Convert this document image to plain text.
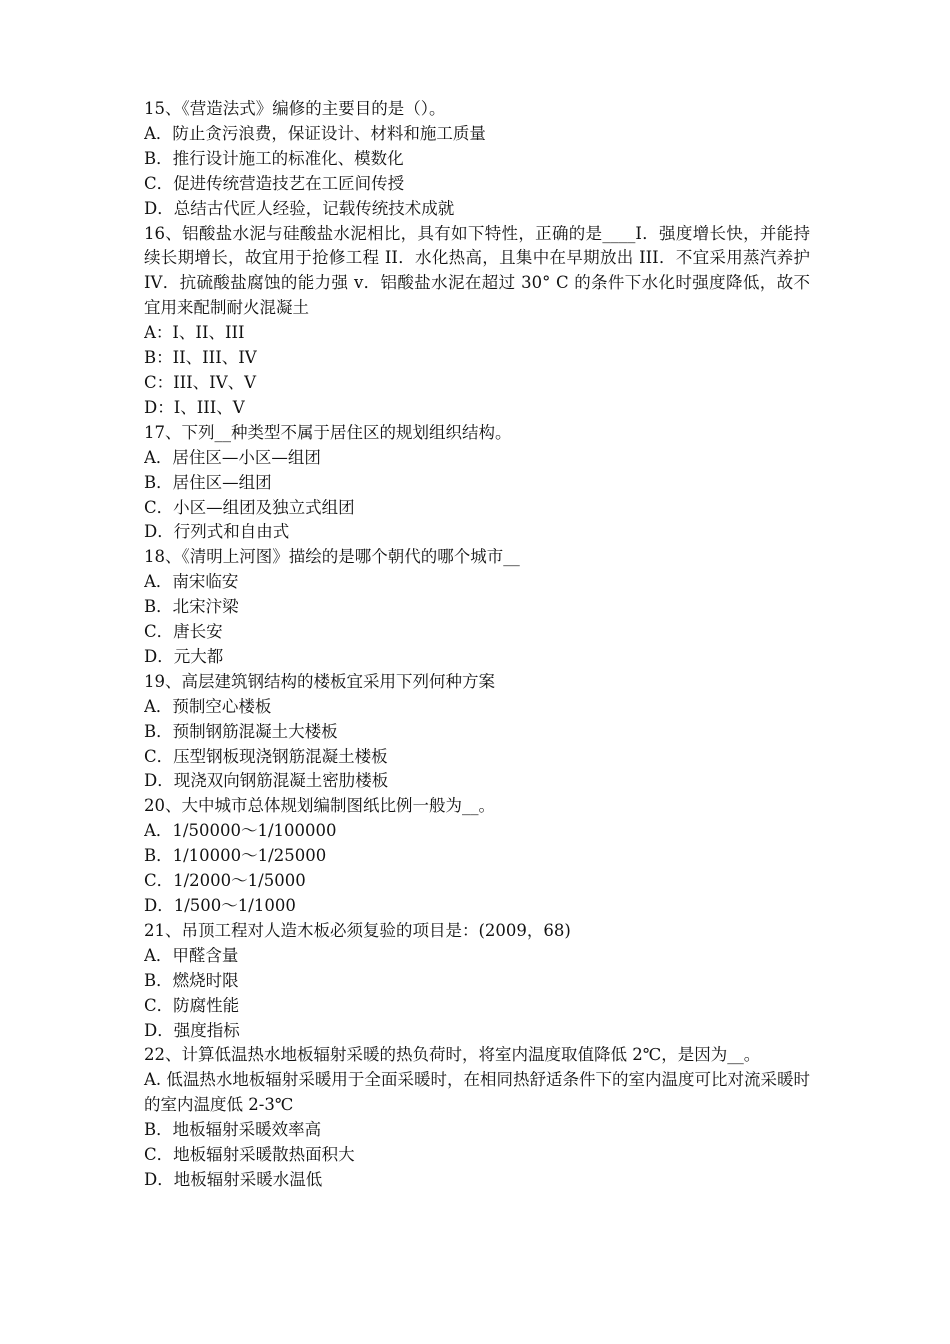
15、《营造法式》编修的主要目的是（）。
A．防止贪污浪费，保证设计、材料和施工质量
B．推行设计施工的标准化、模数化
C．促进传统营造技艺在工匠间传授
D．总结古代匠人经验，记载传统技术成就
16、铝酸盐水泥与硅酸盐水泥相比，具有如下特性，正确的是____I．强度增长快，并能持续长期增长，故宜用于抢修工程 II．水化热高，且集中在早期放出 III．不宜采用蒸汽养护 IV．抗硫酸盐腐蚀的能力强 v．铝酸盐水泥在超过 30° C 的条件下水化时强度降低，故不宜用来配制耐火混凝土
A：I、II、III
B：II、III、IV
C：III、IV、V
D：I、III、V
17、下列__种类型不属于居住区的规划组织结构。
A．居住区—小区—组团
B．居住区—组团
C．小区—组团及独立式组团
D．行列式和自由式
18、《清明上河图》描绘的是哪个朝代的哪个城市__
A．南宋临安
B．北宋汴梁
C．唐长安
D．元大都
19、高层建筑钢结构的楼板宜采用下列何种方案
A．预制空心楼板
B．预制钢筋混凝土大楼板
C．压型钢板现浇钢筋混凝土楼板
D．现浇双向钢筋混凝土密肋楼板
20、大中城市总体规划编制图纸比例一般为__。
A．1/50000～1/100000
B．1/10000～1/25000
C．1/2000～1/5000
D．1/500～1/1000
21、吊顶工程对人造木板必须复验的项目是：(2009，68)
A．甲醛含量
B．燃烧时限
C．防腐性能
D．强度指标
22、计算低温热水地板辐射采暖的热负荷时，将室内温度取值降低 2℃，是因为__。
A. 低温热水地板辐射采暖用于全面采暖时，在相同热舒适条件下的室内温度可比对流采暖时的室内温度低 2-3℃
B．地板辐射采暖效率高
C．地板辐射采暖散热面积大
D．地板辐射采暖水温低
